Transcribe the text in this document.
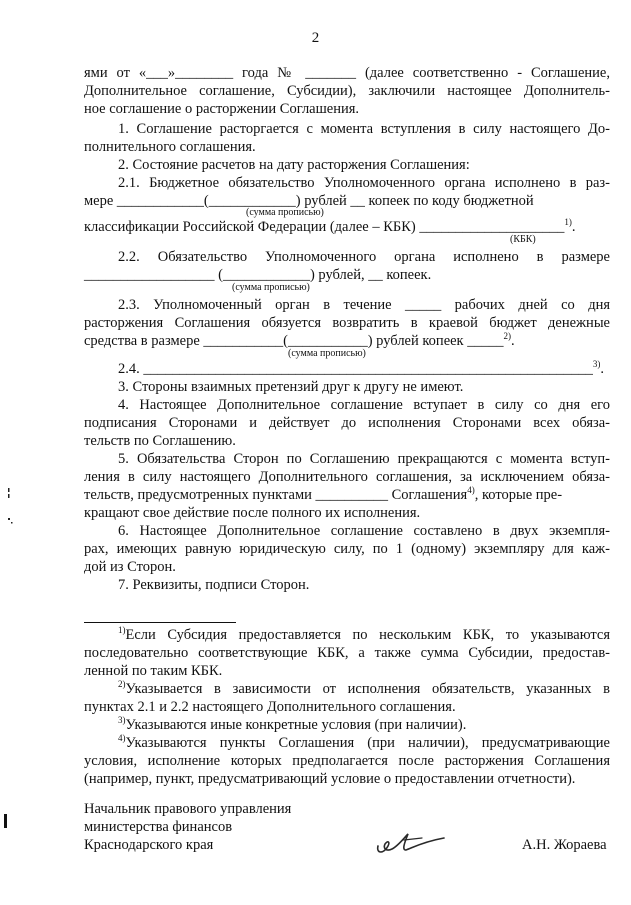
2
ями от «___»________ года № _______ (далее соответственно - Соглашение,
Дополнительное соглашение, Субсидии), заключили настоящее Дополнитель-
ное соглашение о расторжении Соглашения.
1. Соглашение расторгается с момента вступления в силу настоящего До-
полнительного соглашения.
2. Состояние расчетов на дату расторжения Соглашения:
2.1. Бюджетное обязательство Уполномоченного органа исполнено в раз-
мере ____________(____________) рублей __ копеек по коду бюджетной
(сумма прописью)
классификации Российской Федерации (далее – КБК) ____________________$^{1)}$.
(КБК)
2.2. Обязательство Уполномоченного органа исполнено в размере
__________________ (____________) рублей, __ копеек.
(сумма прописью)
2.3. Уполномоченный орган в течение _____ рабочих дней со дня
расторжения Соглашения обязуется возвратить в краевой бюджет денежные
средства в размере ___________(___________) рублей копеек _____$^{2)}$.
(сумма прописью)
2.4. ______________________________________________________________$^{3)}$.
3. Стороны взаимных претензий друг к другу не имеют.
4. Настоящее Дополнительное соглашение вступает в силу со дня его
подписания Сторонами и действует до исполнения Сторонами всех обяза-
тельств по Соглашению.
5. Обязательства Сторон по Соглашению прекращаются с момента вступ-
ления в силу настоящего Дополнительного соглашения, за исключением обяза-
тельств, предусмотренных пунктами __________ Соглашения$^{4)}$, которые пре-
кращают свое действие после полного их исполнения.
6. Настоящее Дополнительное соглашение составлено в двух экземпля-
рах, имеющих равную юридическую силу, по 1 (одному) экземпляру для каж-
дой из Сторон.
7. Реквизиты, подписи Сторон.
$^{1)}$Если Субсидия предоставляется по нескольким КБК, то указываются
последовательно соответствующие КБК, а также сумма Субсидии, предостав-
ленной по таким КБК.
$^{2)}$Указывается в зависимости от исполнения обязательств, указанных в
пунктах 2.1 и 2.2 настоящего Дополнительного соглашения.
$^{3)}$Указываются иные конкретные условия (при наличии).
$^{4)}$Указываются пункты Соглашения (при наличии), предусматривающие
условия, исполнение которых предполагается после расторжения Соглашения
(например, пункт, предусматривающий условие о предоставлении отчетности).
Начальник правового управления
министерства финансов
Краснодарского края	А.Н. Жораева
